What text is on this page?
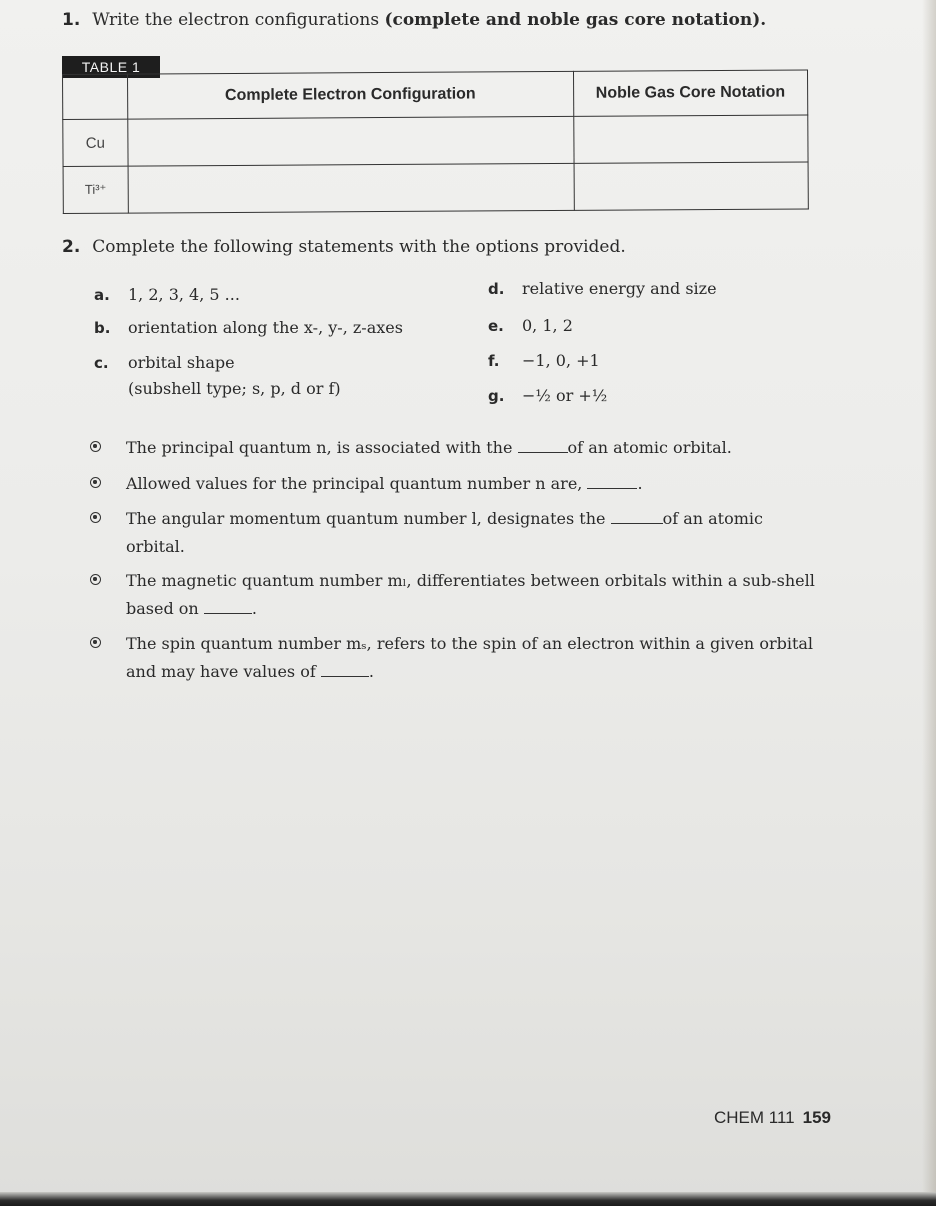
1. Write the electron configurations (complete and noble gas core notation).
TABLE 1
	Complete Electron Configuration	Noble Gas Core Notation
Cu		
Ti³⁺		
2. Complete the following statements with the options provided.
a. 1, 2, 3, 4, 5 ...
b. orientation along the x-, y-, z-axes
c. orbital shape
(subshell type; s, p, d or f)
d. relative energy and size
e. 0, 1, 2
f. −1, 0, +1
g. −½ or +½
The principal quantum n, is associated with the	of an atomic orbital.
Allowed values for the principal quantum number n are,	.
The angular momentum quantum number l, designates the	of an atomic orbital.
The magnetic quantum number mₗ, differentiates between orbitals within a sub-shell based on	.
The spin quantum number mₛ, refers to the spin of an electron within a given orbital and may have values of	.
CHEM 111 159
